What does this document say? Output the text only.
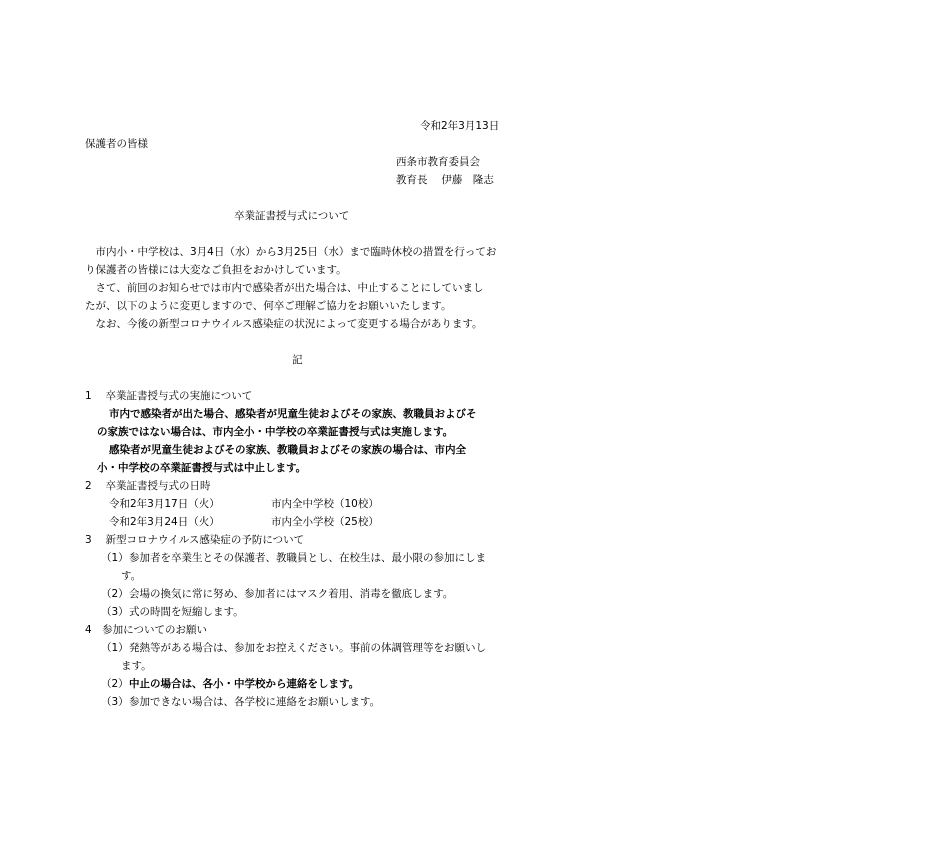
令和2年3月13日
保護者の皆様
西条市教育委員会
教育長　 伊藤　隆志
卒業証書授与式について
　市内小・中学校は、3月4日（水）から3月25日（水）まで臨時休校の措置を行ってお
り保護者の皆様には大変なご負担をおかけしています。
　さて、前回のお知らせでは市内で感染者が出た場合は、中止することにしていまし
たが、以下のように変更しますので、何卒ご理解ご協力をお願いいたします。
　なお、今後の新型コロナウイルス感染症の状況によって変更する場合があります。
記
1　 卒業証書授与式の実施について
市内で感染者が出た場合、感染者が児童生徒およびその家族、教職員およびそ
の家族ではない場合は、市内全小・中学校の卒業証書授与式は実施します。
感染者が児童生徒およびその家族、教職員およびその家族の場合は、市内全
小・中学校の卒業証書授与式は中止します。
2　 卒業証書授与式の日時
令和2年3月17日（火）	市内全中学校（10校）
令和2年3月24日（火）	市内全小学校（25校）
3　 新型コロナウイルス感染症の予防について
（1） 参加者を卒業生とその保護者、教職員とし、在校生は、最小限の参加にしま
す。
（2） 会場の換気に常に努め、参加者にはマスク着用、消毒を徹底します。
（3） 式の時間を短縮します。
4　参加についてのお願い
（1） 発熱等がある場合は、参加をお控えください。事前の体調管理等をお願いし
ます。
（2） 中止の場合は、各小・中学校から連絡をします。
（3） 参加できない場合は、各学校に連絡をお願いします。
